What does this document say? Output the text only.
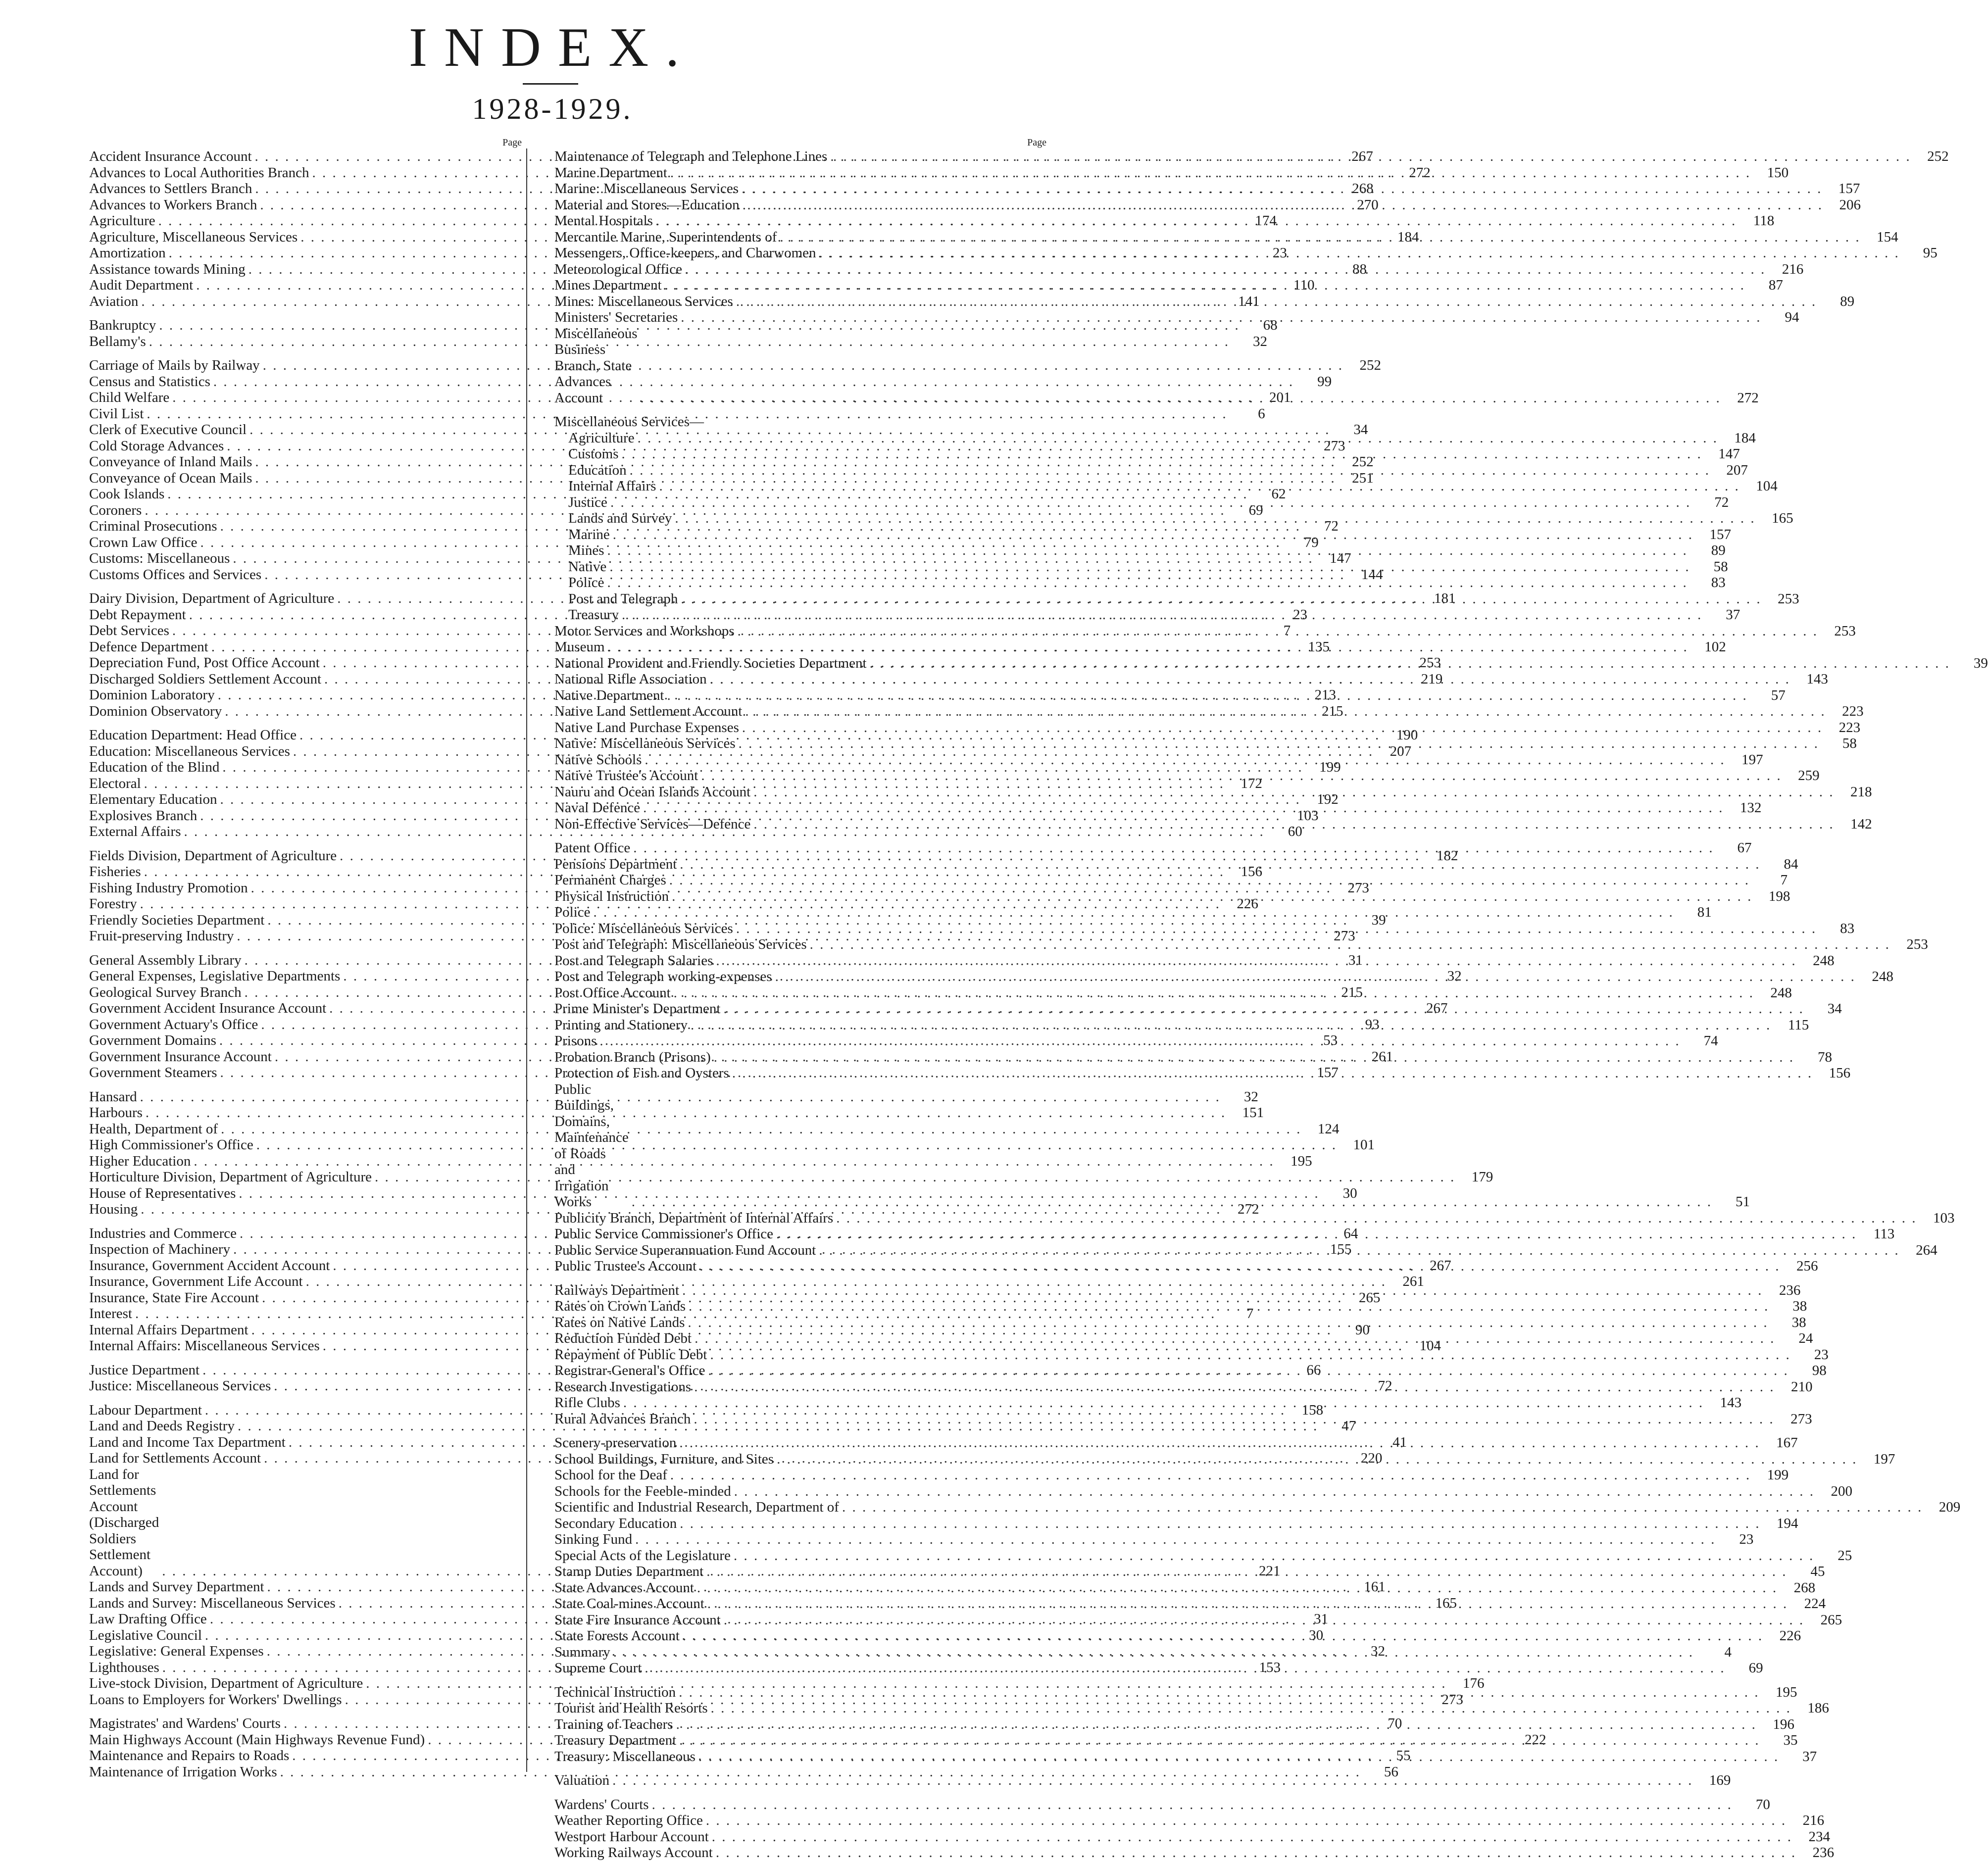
INDEX.
1928-1929.
Page
Accident Insurance Account . . .	267
Advances to Local Authorities Branch . . .	272
Advances to Settlers Branch . . .	268
Advances to Workers Branch . . .	270
Agriculture . . .	174
Agriculture, Miscellaneous Services . . .	184
Amortization . . .	23
Assistance towards Mining . . .	88
Audit Department . . .	110
Aviation . . .	141
Bankruptcy . . .	68
Bellamy's . . .	32
Carriage of Mails by Railway . . .	252
Census and Statistics . . .	99
Child Welfare . . .	201
Civil List . . .	6
Clerk of Executive Council . . .	34
Cold Storage Advances . . .	273
Conveyance of Inland Mails . . .	252
Conveyance of Ocean Mails . . .	251
Cook Islands . . .	62
Coroners . . .	69
Criminal Prosecutions . . .	72
Crown Law Office . . .	79
Customs: Miscellaneous . . .	147
Customs Offices and Services . . .	144
Dairy Division, Department of Agriculture . . .	181
Debt Repayment . . .	23
Debt Services . . .	7
Defence Department . . .	135
Depreciation Fund, Post Office Account . . .	253
Discharged Soldiers Settlement Account . . .	219
Dominion Laboratory . . .	213
Dominion Observatory . . .	215
Education Department: Head Office . . .	190
Education: Miscellaneous Services . . .	207
Education of the Blind . . .	199
Electoral . . .	172
Elementary Education . . .	192
Explosives Branch . . .	103
External Affairs . . .	60
Fields Division, Department of Agriculture . . .	182
Fisheries . . .	156
Fishing Industry Promotion . . .	273
Forestry . . .	226
Friendly Societies Department . . .	39
Fruit-preserving Industry . . .	273
General Assembly Library . . .	31
General Expenses, Legislative Departments . . .	32
Geological Survey Branch . . .	215
Government Accident Insurance Account . . .	267
Government Actuary's Office . . .	93
Government Domains . . .	53
Government Insurance Account . . .	261
Government Steamers . . .	157
Hansard . . .	32
Harbours . . .	151
Health, Department of . . .	124
High Commissioner's Office . . .	101
Higher Education . . .	195
Horticulture Division, Department of Agriculture . . .	179
House of Representatives . . .	30
Housing . . .	272
Industries and Commerce . . .	64
Inspection of Machinery . . .	155
Insurance, Government Accident Account . . .	267
Insurance, Government Life Account . . .	261
Insurance, State Fire Account . . .	265
Interest . . .	7
Internal Affairs Department . . .	90
Internal Affairs: Miscellaneous Services . . .	104
Justice Department . . .	66
Justice: Miscellaneous Services . . .	72
Labour Department . . .	158
Land and Deeds Registry . . .	47
Land and Income Tax Department . . .	41
Land for Settlements Account . . .	220
Land for Settlements Account (Discharged Soldiers Settlement Account) . . .	221
Lands and Survey Department . . .	161
Lands and Survey: Miscellaneous Services . . .	165
Law Drafting Office . . .	31
Legislative Council . . .	30
Legislative: General Expenses . . .	32
Lighthouses . . .	153
Live-stock Division, Department of Agriculture . . .	176
Loans to Employers for Workers' Dwellings . . .	273
Magistrates' and Wardens' Courts . . .	70
Main Highways Account (Main Highways Revenue Fund) . . .	222
Maintenance and Repairs to Roads . . .	55
Maintenance of Irrigation Works . . .	56
Page
Maintenance of Telegraph and Telephone Lines . . .	252
Marine Department . . .	150
Marine: Miscellaneous Services . . .	157
Material and Stores—Education . . .	206
Mental Hospitals . . .	118
Mercantile Marine, Superintendents of . . .	154
Messengers, Office-keepers, and Charwomen . . .	95
Meteorological Office . . .	216
Mines Department . . .	87
Mines: Miscellaneous Services . . .	89
Ministers' Secretaries . . .	94
Miscellaneous Business Branch, State Advances Account . . .	272
Miscellaneous Services—
Agriculture . . .	184
Customs . . .	147
Education . . .	207
Internal Affairs . . .	104
Justice . . .	72
Lands and Survey . . .	165
Marine . . .	157
Mines . . .	89
Native . . .	58
Police . . .	83
Post and Telegraph . . .	253
Treasury . . .	37
Motor Services and Workshops . . .	253
Museum . . .	102
National Provident and Friendly Societies Department . . .	39
National Rifle Association . . .	143
Native Department . . .	57
Native Land Settlement Account . . .	223
Native Land Purchase Expenses . . .	223
Native: Miscellaneous Services . . .	58
Native Schools . . .	197
Native Trustee's Account . . .	259
Nauru and Ocean Islands Account . . .	218
Naval Defence . . .	132
Non-Effective Services—Defence . . .	142
Patent Office . . .	67
Pensions Department . . .	84
Permanent Charges . . .	7
Physical Instruction . . .	198
Police . . .	81
Police: Miscellaneous Services . . .	83
Post and Telegraph: Miscellaneous Services . . .	253
Post and Telegraph Salaries . . .	248
Post and Telegraph working-expenses . . .	248
Post Office Account . . .	248
Prime Minister's Department . . .	34
Printing and Stationery . . .	115
Prisons . . .	74
Probation Branch (Prisons) . . .	78
Protection of Fish and Oysters . . .	156
Public Buildings, Domains, Maintenance of Roads and Irrigation Works . . .	51
Publicity Branch, Department of Internal Affairs . . .	103
Public Service Commissioner's Office . . .	113
Public Service Superannuation Fund Account . . .	264
Public Trustee's Account . . .	256
Railways Department . . .	236
Rates on Crown Lands . . .	38
Rates on Native Lands . . .	38
Reduction Funded Debt . . .	24
Repayment of Public Debt . . .	23
Registrar-General's Office . . .	98
Research Investigations . . .	210
Rifle Clubs . . .	143
Rural Advances Branch . . .	273
Scenery-preservation . . .	167
School Buildings, Furniture, and Sites . . .	197
School for the Deaf . . .	199
Schools for the Feeble-minded . . .	200
Scientific and Industrial Research, Department of . . .	209
Secondary Education . . .	194
Sinking Fund . . .	23
Special Acts of the Legislature . . .	25
Stamp Duties Department . . .	45
State Advances Account . . .	268
State Coal-mines Account . . .	224
State Fire Insurance Account . . .	265
State Forests Account . . .	226
Summary . . .	4
Supreme Court . . .	69
Technical Instruction . . .	195
Tourist and Health Resorts . . .	186
Training of Teachers . . .	196
Treasury Department . . .	35
Treasury: Miscellaneous . . .	37
Valuation . . .	169
Wardens' Courts . . .	70
Weather Reporting Office . . .	216
Westport Harbour Account . . .	234
Working Railways Account . . .	236
